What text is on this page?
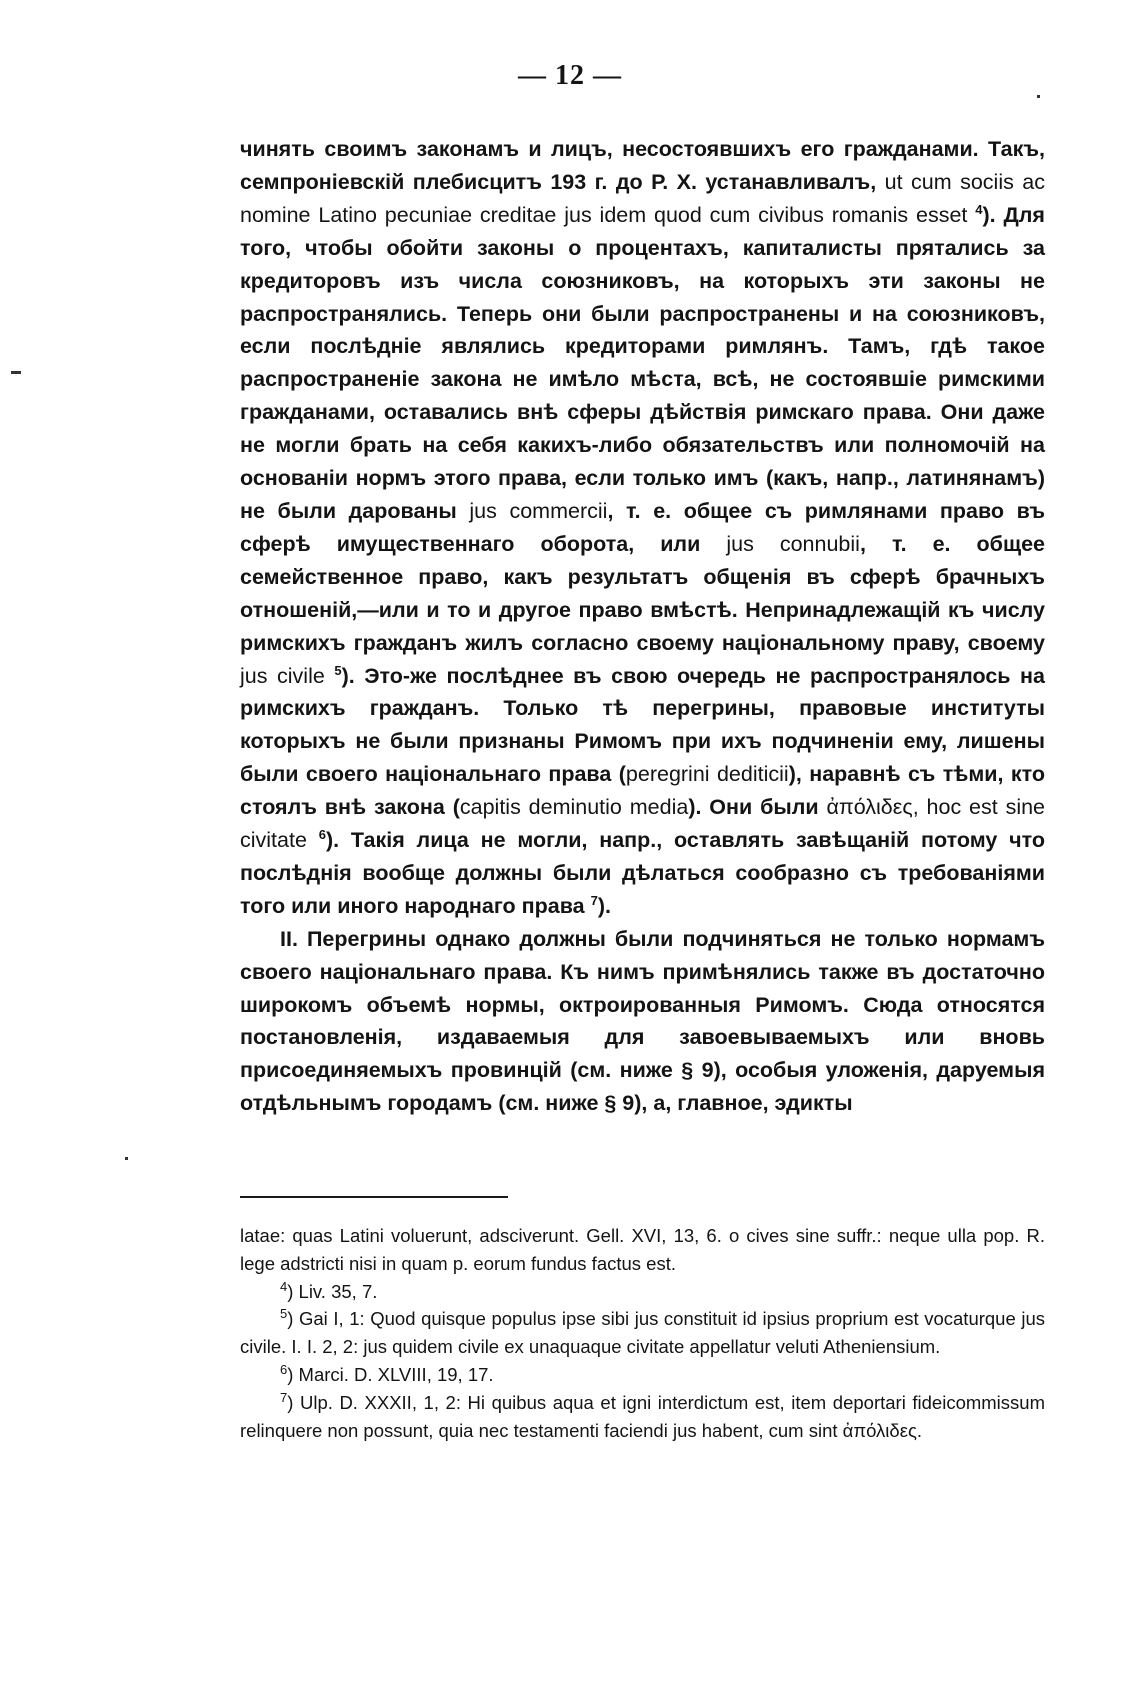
— 12 —

чинять своимъ законамъ и лицъ, несостоявшихъ его гражданами. Такъ, семпроніевскій плебисцитъ 193 г. до Р. Х. устанавливалъ, ut cum sociis ac nomine Latino pecuniae creditae jus idem quod cum civibus romanis esset $^4$). Для того, чтобы обойти законы о процентахъ, капиталисты прятались за кредиторовъ изъ числа союзниковъ, на которыхъ эти законы не распространялись. Теперь они были распространены и на союзниковъ, если послѣдніе являлись кредиторами римлянъ. Тамъ, гдѣ такое распространеніе закона не имѣло мѣста, всѣ, не состоявшіе римскими гражданами, оставались внѣ сферы дѣйствія римскаго права. Они даже не могли брать на себя какихъ-либо обязательствъ или полномочій на основаніи нормъ этого права, если только имъ (какъ, напр., латинянамъ) не были дарованы jus commercii, т. е. общее съ римлянами право въ сферѣ имущественнаго оборота, или jus connubii, т. е. общее семейственное право, какъ результатъ общенія въ сферѣ брачныхъ отношеній,—или и то и другое право вмѣстѣ. Непринадлежащій къ числу римскихъ гражданъ жилъ согласно своему національному праву, своему jus civile $^5$). Это-же послѣднее въ свою очередь не распространялось на римскихъ гражданъ. Только тѣ перегрины, правовые институты которыхъ не были признаны Римомъ при ихъ подчиненіи ему, лишены были своего національнаго права (peregrini dediticii), наравнѣ съ тѣми, кто стоялъ внѣ закона (capitis deminutio media). Они были ἀπόλιδες, hoc est sine civitate $^6$). Такія лица не могли, напр., оставлять завѣщаній потому что послѣднія вообще должны были дѣлаться сообразно съ требованіями того или иного народнаго права $^7$).

II. Перегрины однако должны были подчиняться не только нормамъ своего національнаго права. Къ нимъ примѣнялись также въ достаточно широкомъ объемѣ нормы, октроированныя Римомъ. Сюда относятся постановленія, издаваемыя для завоевываемыхъ или вновь присоединяемыхъ провинцій (см. ниже § 9), особыя уложенія, даруемыя отдѣльнымъ городамъ (см. ниже § 9), а, главное, эдикты

latae: quas Latini voluerunt, adsciverunt. Gell. XVI, 13, 6. o cives sine suffr.: neque ulla pop. R. lege adstricti nisi in quam p. eorum fundus factus est.

$^4$) Liv. 35, 7.

$^5$) Gai I, 1: Quod quisque populus ipse sibi jus constituit id ipsius proprium est vocaturque jus civile. I. I. 2, 2: jus quidem civile ex unaquaque civitate appellatur veluti Atheniensium.

$^6$) Marci. D. XLVIII, 19, 17.

$^7$) Ulp. D. XXXII, 1, 2: Hi quibus aqua et igni interdictum est, item deportari fideicommissum relinquere non possunt, quia nec testamenti faciendi jus habent, cum sint ἀπόλιδες.
